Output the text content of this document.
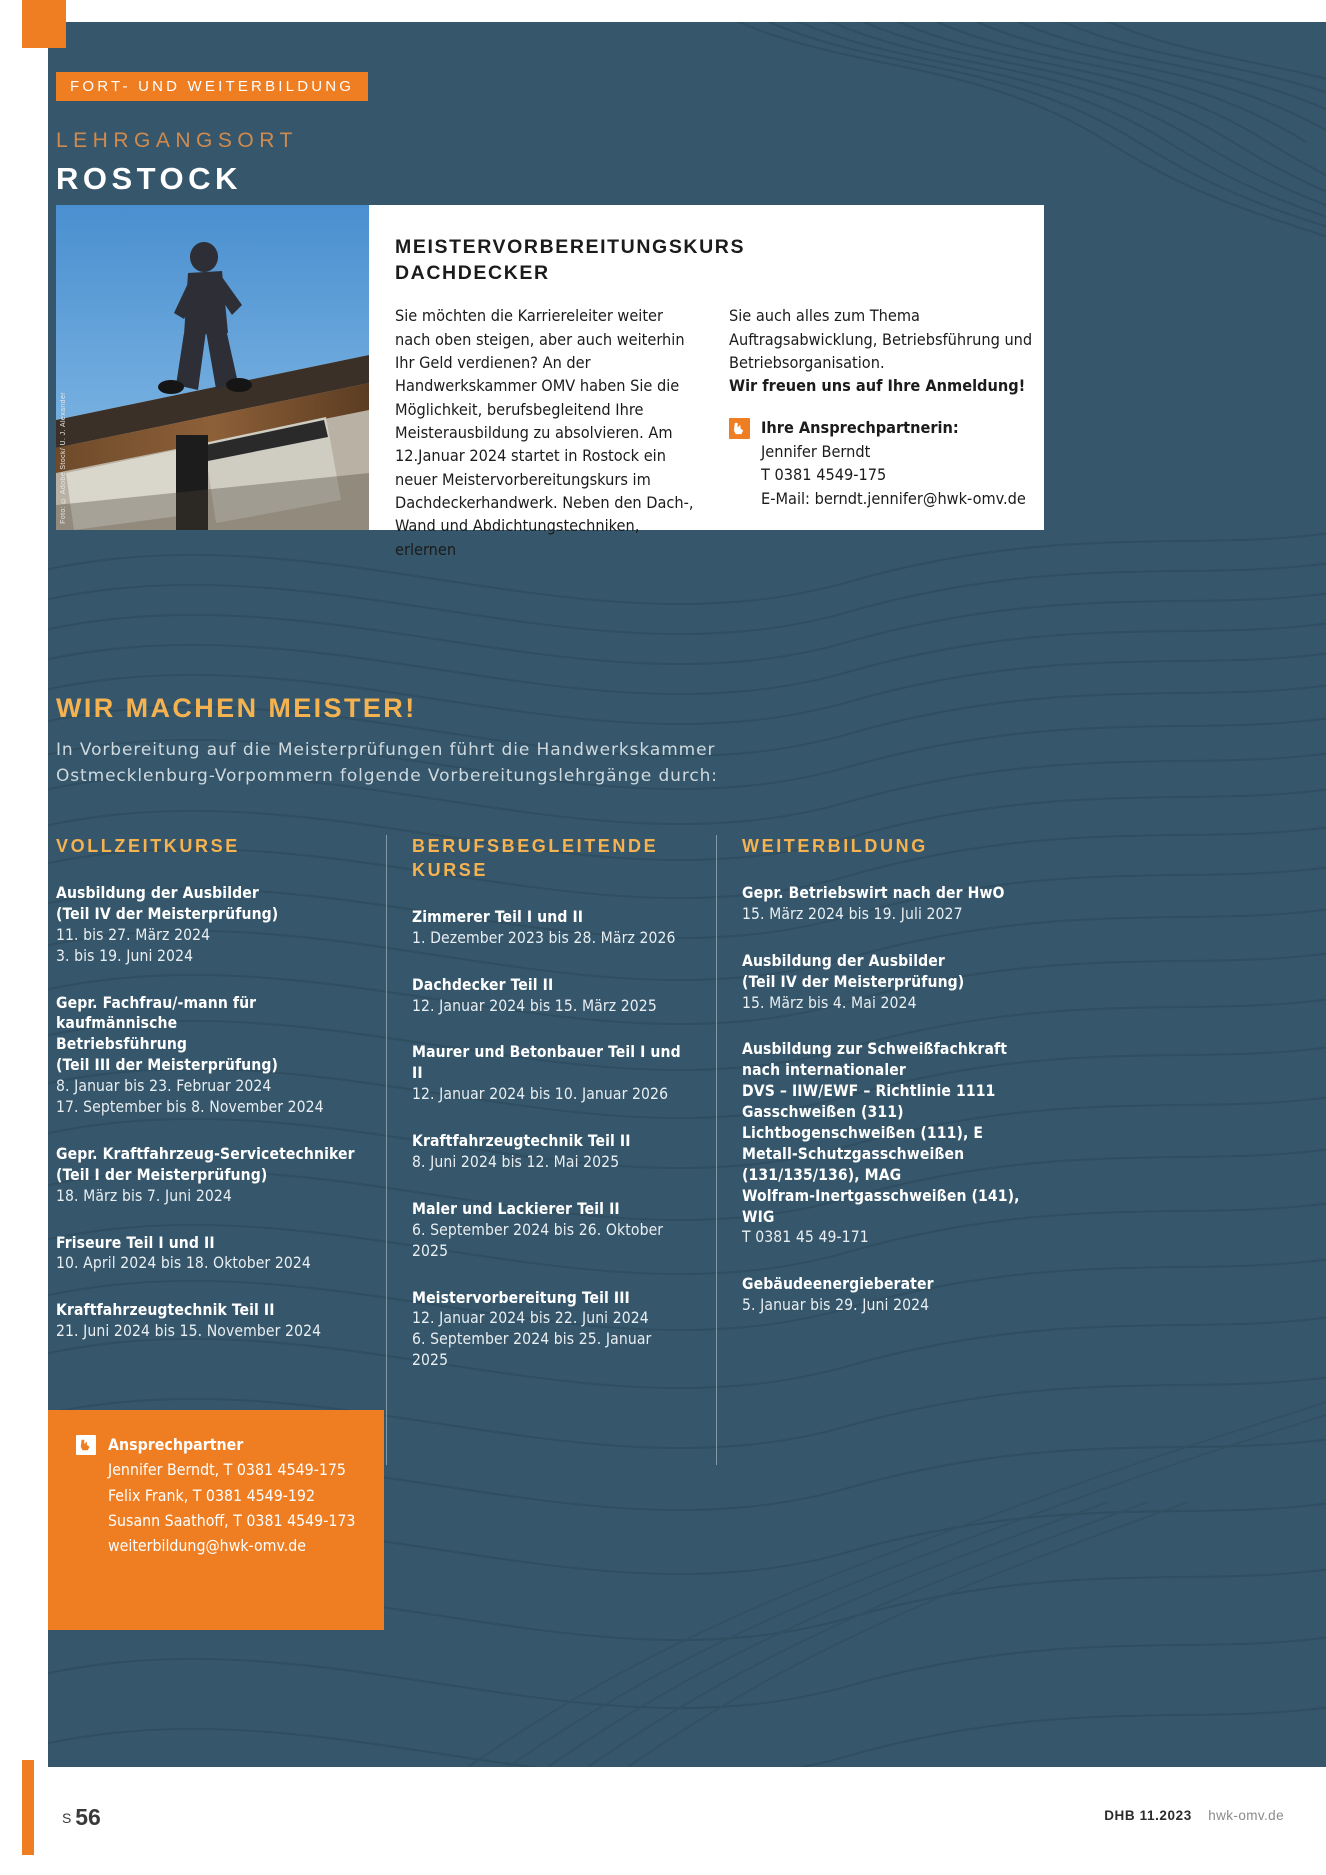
FORT- UND WEITERBILDUNG
LEHRGANGSORT
ROSTOCK
Foto: © Adobe Stock/ U. J. Alexander
MEISTERVORBEREITUNGSKURS
DACHDECKER

Sie möchten die Karriereleiter weiter nach oben steigen, aber auch weiterhin Ihr Geld verdienen? An der Handwerkskammer OMV haben Sie die Möglichkeit, berufsbegleitend Ihre Meisterausbildung zu absolvieren. Am 12.Januar 2024 startet in Rostock ein neuer Meistervorbereitungskurs im Dachdeckerhandwerk. Neben den Dach-, Wand und Abdichtungstechniken, erlernen

Sie auch alles zum Thema Auftragsabwicklung, Betriebsführung und Betriebsorganisation.

Wir freuen uns auf Ihre Anmeldung!

Ihre Ansprechpartnerin:
Jennifer Berndt
T 0381 4549-175
E-Mail: berndt.jennifer@hwk-omv.de
WIR MACHEN MEISTER!
In Vorbereitung auf die Meisterprüfungen führt die Handwerkskammer Ostmecklenburg-Vorpommern folgende Vorbereitungslehrgänge durch:
VOLLZEITKURSE
Ausbildung der Ausbilder
(Teil IV der Meisterprüfung)
11. bis 27. März 2024
3. bis 19. Juni 2024
Gepr. Fachfrau/-mann für kaufmännische
Betriebsführung
(Teil III der Meisterprüfung)
8. Januar bis 23. Februar 2024
17. September bis 8. November 2024
Gepr. Kraftfahrzeug-Servicetechniker
(Teil I der Meisterprüfung)
18. März bis 7. Juni 2024
Friseure Teil I und II
10. April 2024 bis 18. Oktober 2024
Kraftfahrzeugtechnik Teil II
21. Juni 2024 bis 15. November 2024
BERUFSBEGLEITENDE
KURSE
Zimmerer Teil I und II
1. Dezember 2023 bis 28. März 2026
Dachdecker Teil II
12. Januar 2024 bis 15. März 2025
Maurer und Betonbauer Teil I und II
12. Januar 2024 bis 10. Januar 2026
Kraftfahrzeugtechnik Teil II
8. Juni 2024 bis 12. Mai 2025
Maler und Lackierer Teil II
6. September 2024 bis 26. Oktober 2025
Meistervorbereitung Teil III
12. Januar 2024 bis 22. Juni 2024
6. September 2024 bis 25. Januar 2025
WEITERBILDUNG
Gepr. Betriebswirt nach der HwO
15. März 2024 bis 19. Juli 2027
Ausbildung der Ausbilder
(Teil IV der Meisterprüfung)
15. März bis 4. Mai 2024
Ausbildung zur Schweißfachkraft
nach internationaler
DVS – IIW/EWF – Richtlinie 1111
Gasschweißen (311)
Lichtbogenschweißen (111), E
Metall-Schutzgasschweißen
(131/135/136), MAG
Wolfram-Inertgasschweißen (141), WIG
T 0381 45 49-171
Gebäudeenergieberater
5. Januar bis 29. Juni 2024
Ansprechpartner
Jennifer Berndt, T 0381 4549-175
Felix Frank, T 0381 4549-192
Susann Saathoff, T 0381 4549-173
weiterbildung@hwk-omv.de
S 56	DHB 11.2023 hwk-omv.de
